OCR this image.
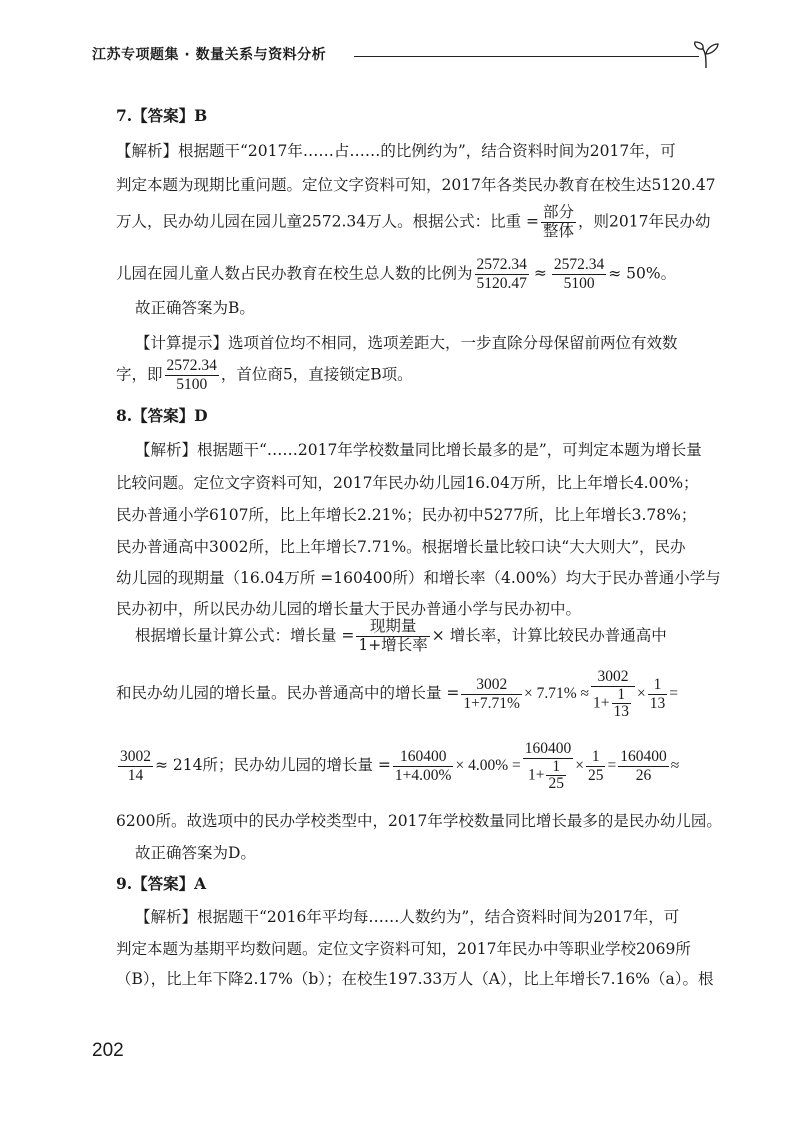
江苏专项题集 · 数量关系与资料分析
7.【答案】B
【解析】根据题干“2017年……占……的比例约为”，结合资料时间为2017年，可
判定本题为现期比重问题。定位文字资料可知，2017年各类民办教育在校生达5120.47
万人，民办幼儿园在园儿童2572.34万人。根据公式：比重 = $\frac{\text{部分}}{\text{整体}}$ ，则2017年民办幼
儿园在园儿童人数占民办教育在校生总人数的比例为 $\frac{2572.34}{5120.47} \approx \frac{2572.34}{5100} \approx 50\%$。
故正确答案为B。
【计算提示】选项首位均不相同，选项差距大，一步直除分母保留前两位有效数
字，即 $\frac{2572.34}{5100}$ ，首位商5，直接锁定B项。
8.【答案】D
【解析】根据题干“……2017年学校数量同比增长最多的是”，可判定本题为增长量
比较问题。定位文字资料可知，2017年民办幼儿园16.04万所，比上年增长4.00%；
民办普通小学6107所，比上年增长2.21%；民办初中5277所，比上年增长3.78%；
民办普通高中3002所，比上年增长7.71%。根据增长量比较口诀“大大则大”，民办
幼儿园的现期量（16.04万所 =160400所）和增长率（4.00%）均大于民办普通小学与
民办初中，所以民办幼儿园的增长量大于民办普通小学与民办初中。
根据增长量计算公式：增长量 = $\frac{\text{现期量}}{\text{1+增长率}}$ × 增长率，计算比较民办普通高中
和民办幼儿园的增长量。民办普通高中的增长量 = $\frac{3002}{1+7.71\%} \times 7.71\% \approx \frac{3002}{1+ \frac{1}{13}} \times \frac{1}{13}$ =
$\frac{3002}{14} \approx 214$所；民办幼儿园的增长量 = $\frac{160400}{1+4.00\%} \times 4.00\% = \frac{160400}{1+ \frac{1}{25}} \times \frac{1}{25} = \frac{160400}{26}$ ≈
6200所。故选项中的民办学校类型中，2017年学校数量同比增长最多的是民办幼儿园。
故正确答案为D。
9.【答案】A
【解析】根据题干“2016年平均每……人数约为”，结合资料时间为2017年，可
判定本题为基期平均数问题。定位文字资料可知，2017年民办中等职业学校2069所
（B），比上年下降2.17%（b）；在校生197.33万人（A），比上年增长7.16%（a）。根
202
